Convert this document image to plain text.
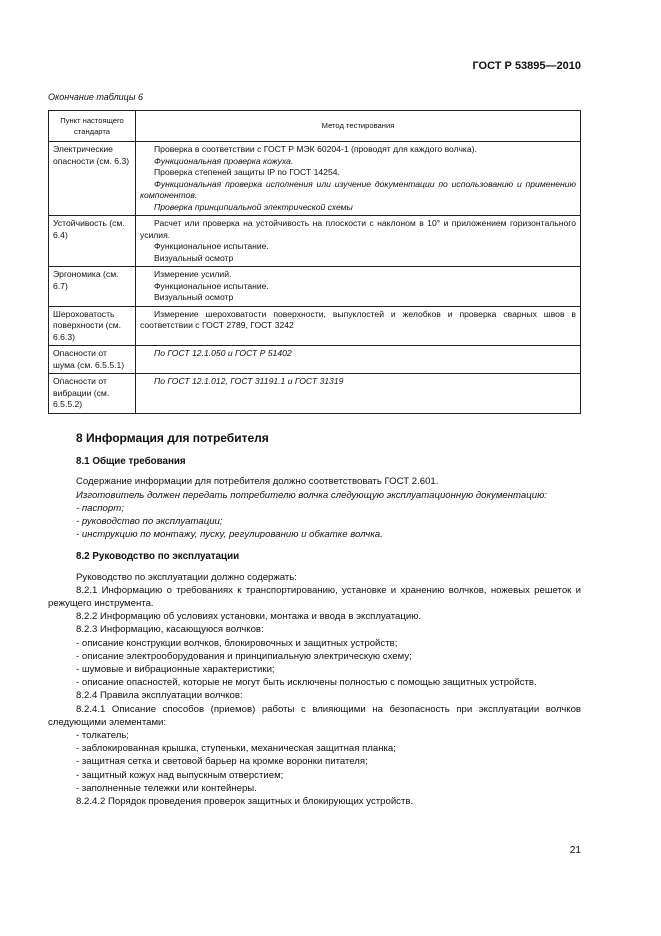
ГОСТ Р 53895—2010
Окончание таблицы 6
Пункт настоящего стандарта	Метод тестирования
Электрические опасности (см. 6.3)	Проверка в соответствии с ГОСТ Р МЭК 60204-1 (проводят для каждого волчка).
Функциональная проверка кожуха.
Проверка степеней защиты IP по ГОСТ 14254.
Функциональная проверка исполнения или изучение документации по использованию и применению компонентов.
Проверка принципиальной электрической схемы

Устойчивость (см. 6.4)	Расчет или проверка на устойчивость на плоскости с наклоном в 10° и приложением горизонтального усилия.
Функциональное испытание.
Визуальный осмотр

Эргономика (см. 6.7)	Измерение усилий.
Функциональное испытание.
Визуальный осмотр

Шероховатость поверхности (см. 6.6.3)	Измерение шероховатости поверхности, выпуклостей и желобков и проверка сварных швов в соответствии с ГОСТ 2789, ГОСТ 3242

Опасности от шума (см. 6.5.5.1)	По ГОСТ 12.1.050 и ГОСТ Р 51402

Опасности от вибрации (см. 6.5.5.2)	По ГОСТ 12.1.012, ГОСТ 31191.1 и ГОСТ 31319
8 Информация для потребителя
8.1 Общие требования

Содержание информации для потребителя должно соответствовать ГОСТ 2.601.

Изготовитель должен передать потребителю волчка следующую эксплуатационную документацию:

- паспорт;

- руководство по эксплуатации;

- инструкцию по монтажу, пуску, регулированию и обкатке волчка.

8.2 Руководство по эксплуатации

Руководство по эксплуатации должно содержать:

8.2.1 Информацию о требованиях к транспортированию, установке и хранению волчков, ножевых решеток и режущего инструмента.

8.2.2 Информацию об условиях установки, монтажа и ввода в эксплуатацию.

8.2.3 Информацию, касающуюся волчков:

- описание конструкции волчков, блокировочных и защитных устройств;

- описание электрооборудования и принципиальную электрическую схему;

- шумовые и вибрационные характеристики;

- описание опасностей, которые не могут быть исключены полностью с помощью защитных устройств.

8.2.4 Правила эксплуатации волчков:

8.2.4.1 Описание способов (приемов) работы с влияющими на безопасность при эксплуатации волчков следующими элементами:

- толкатель;

- заблокированная крышка, ступеньки, механическая защитная планка;

- защитная сетка и световой барьер на кромке воронки питателя;

- защитный кожух над выпускным отверстием;

- заполненные тележки или контейнеры.

8.2.4.2 Порядок проведения проверок защитных и блокирующих устройств.

21
